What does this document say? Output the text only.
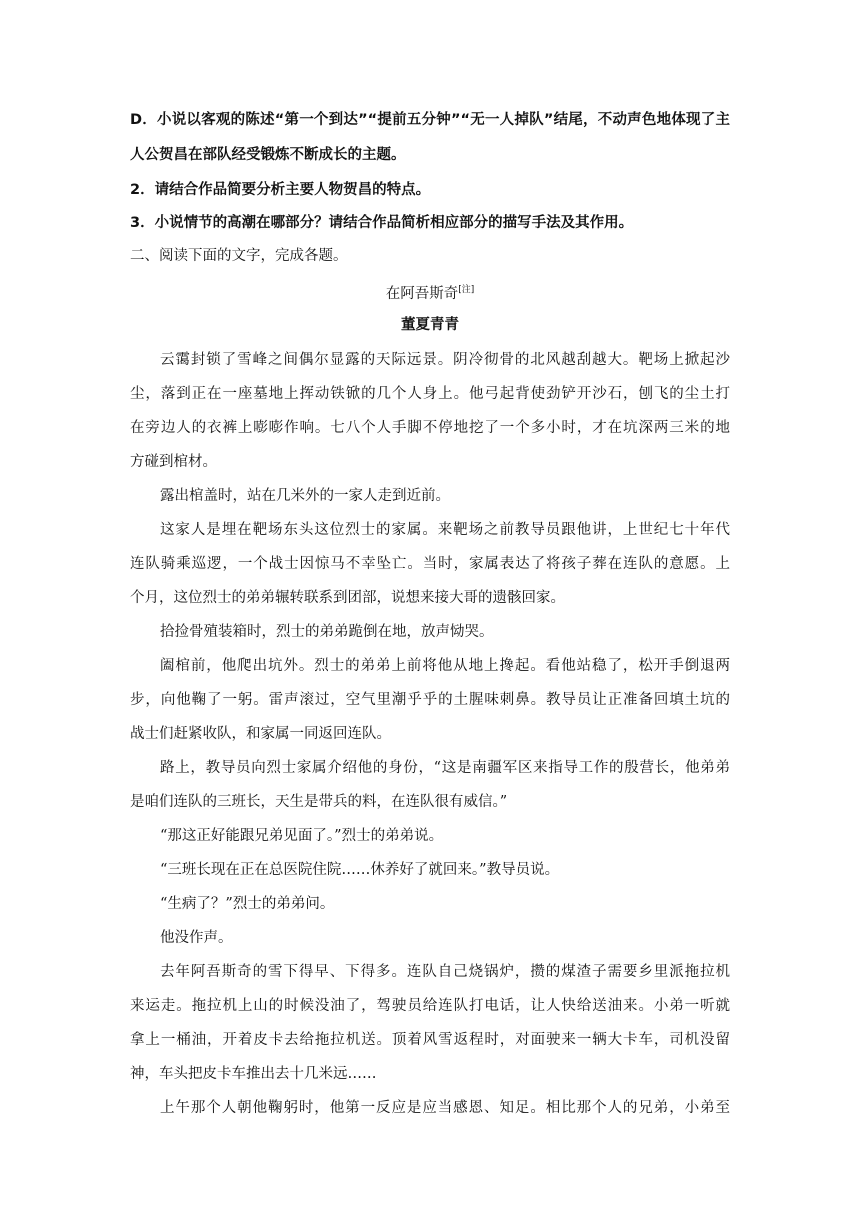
D．小说以客观的陈述“第一个到达”“提前五分钟”“无一人掉队”结尾，不动声色地体现了主
人公贺昌在部队经受锻炼不断成长的主题。
2．请结合作品简要分析主要人物贺昌的特点。
3．小说情节的高潮在哪部分？请结合作品简析相应部分的描写手法及其作用。
二、阅读下面的文字，完成各题。
在阿吾斯奇[注]
董夏青青
云霭封锁了雪峰之间偶尔显露的天际远景。阴冷彻骨的北风越刮越大。靶场上掀起沙
尘，落到正在一座墓地上挥动铁锨的几个人身上。他弓起背使劲铲开沙石，刨飞的尘土打
在旁边人的衣裤上嘭嘭作响。七八个人手脚不停地挖了一个多小时，才在坑深两三米的地
方碰到棺材。
露出棺盖时，站在几米外的一家人走到近前。
这家人是埋在靶场东头这位烈士的家属。来靶场之前教导员跟他讲，上世纪七十年代
连队骑乘巡逻，一个战士因惊马不幸坠亡。当时，家属表达了将孩子葬在连队的意愿。上
个月，这位烈士的弟弟辗转联系到团部，说想来接大哥的遗骸回家。
拾捡骨殖装箱时，烈士的弟弟跪倒在地，放声恸哭。
阖棺前，他爬出坑外。烈士的弟弟上前将他从地上搀起。看他站稳了，松开手倒退两
步，向他鞠了一躬。雷声滚过，空气里潮乎乎的土腥味刺鼻。教导员让正准备回填土坑的
战士们赶紧收队，和家属一同返回连队。
路上，教导员向烈士家属介绍他的身份，“这是南疆军区来指导工作的殷营长，他弟弟
是咱们连队的三班长，天生是带兵的料，在连队很有威信。”
“那这正好能跟兄弟见面了。”烈士的弟弟说。
“三班长现在正在总医院住院……休养好了就回来。”教导员说。
“生病了？”烈士的弟弟问。
他没作声。
去年阿吾斯奇的雪下得早、下得多。连队自己烧锅炉，攒的煤渣子需要乡里派拖拉机
来运走。拖拉机上山的时候没油了，驾驶员给连队打电话，让人快给送油来。小弟一听就
拿上一桶油，开着皮卡去给拖拉机送。顶着风雪返程时，对面驶来一辆大卡车，司机没留
神，车头把皮卡车推出去十几米远……
上午那个人朝他鞠躬时，他第一反应是应当感恩、知足。相比那个人的兄弟，小弟至
